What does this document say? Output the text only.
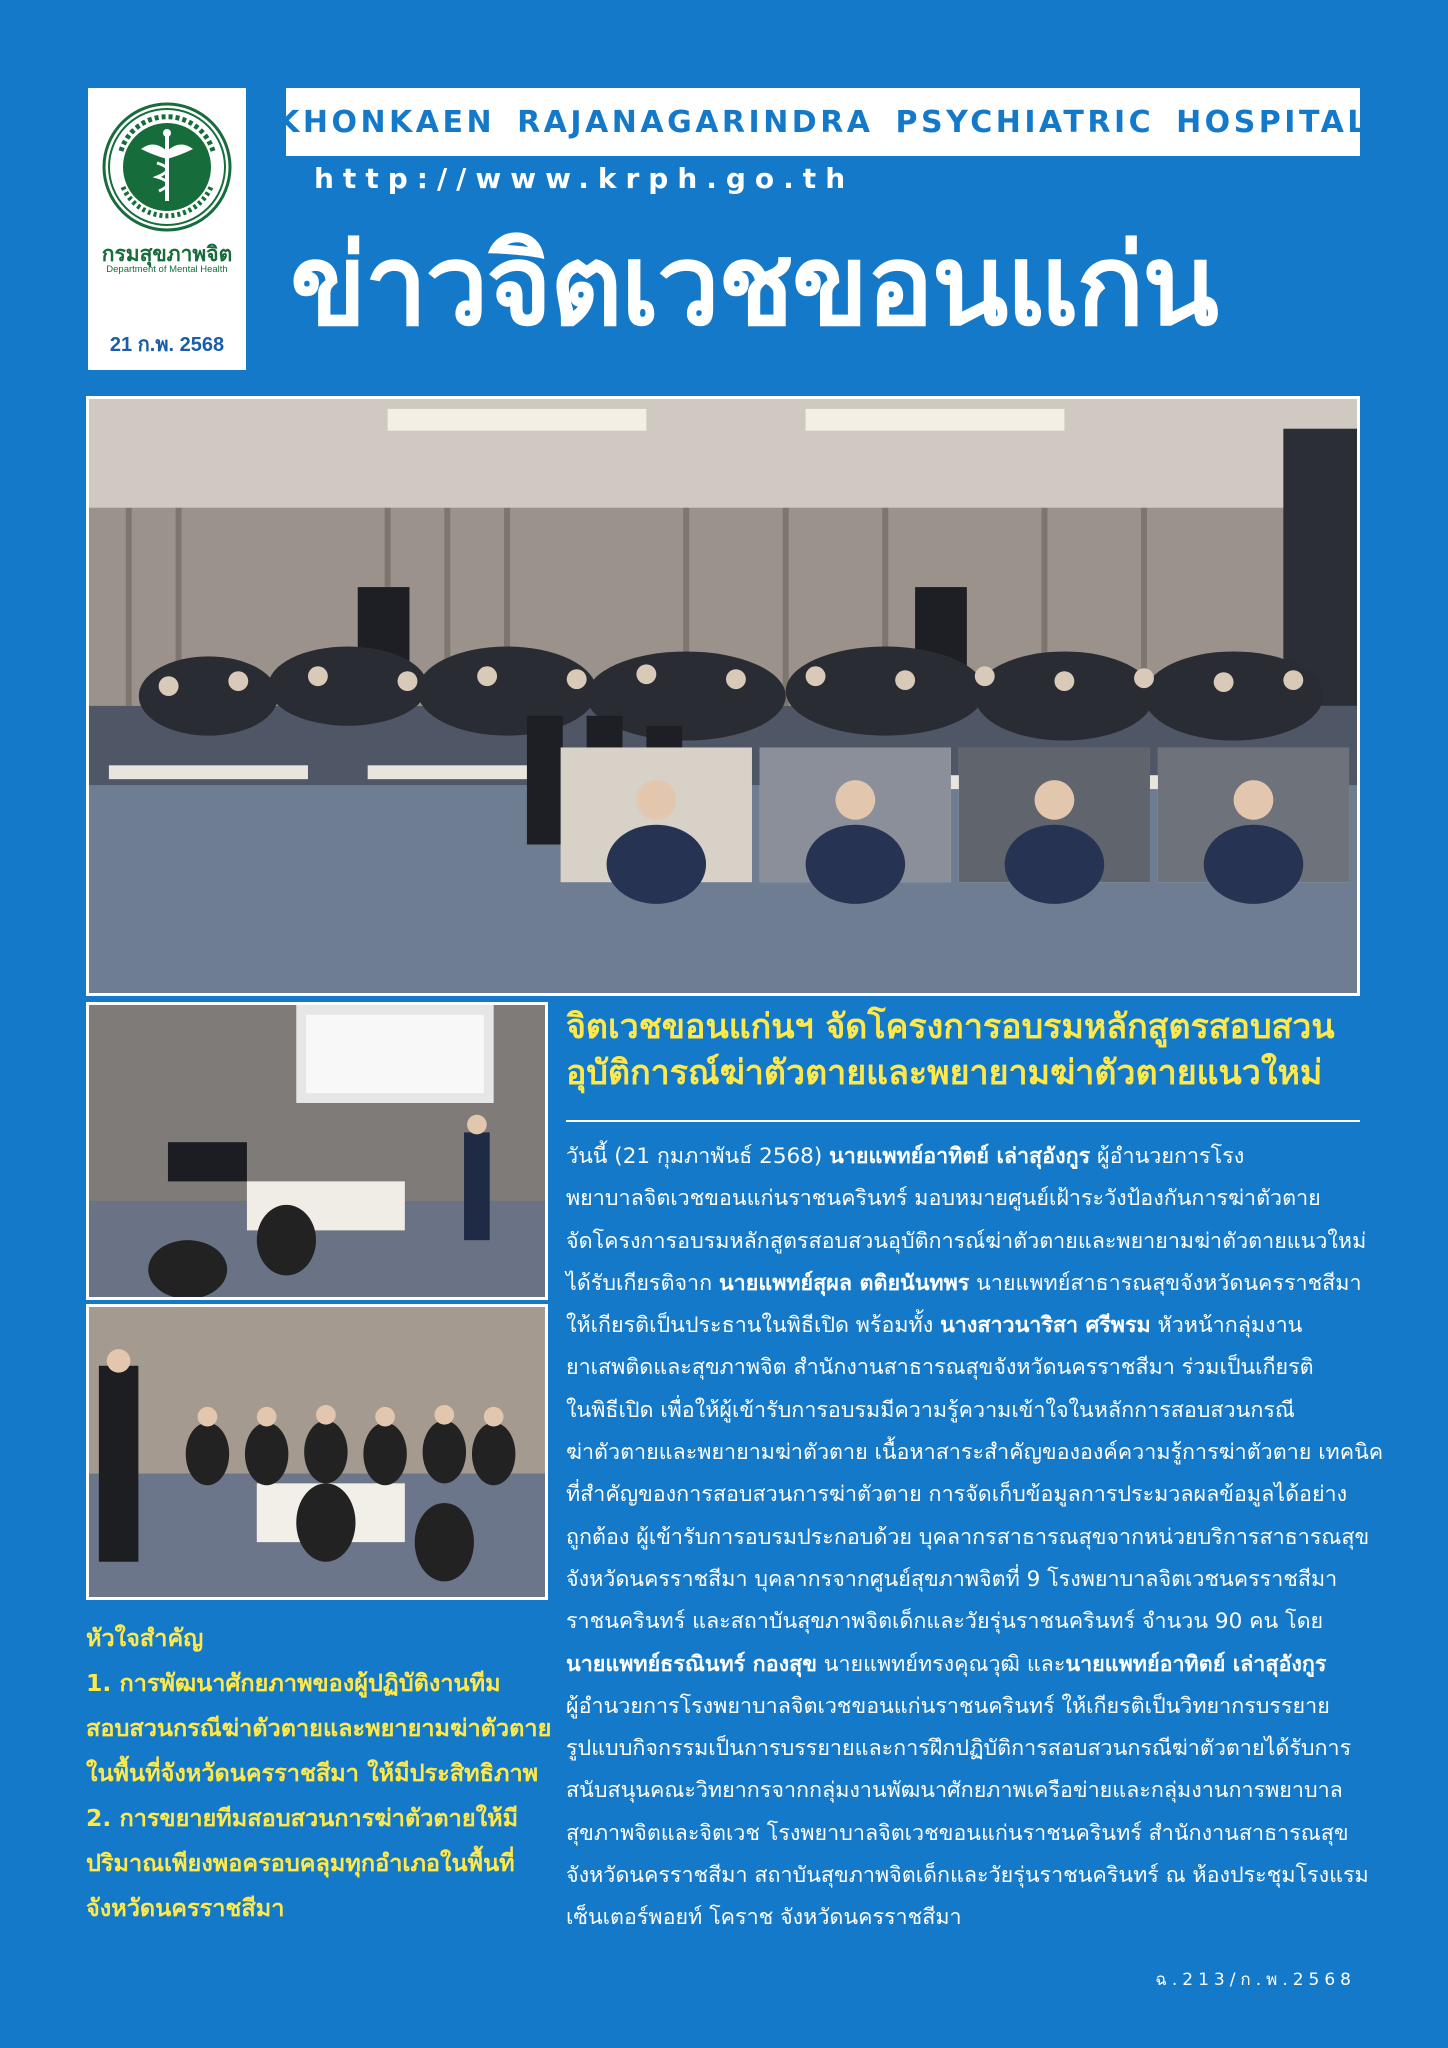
กรมสุขภาพจิต
Department of Mental Health
21 ก.พ. 2568
KHONKAEN RAJANAGARINDRA PSYCHIATRIC HOSPITAL
http://www.krph.go.th
ข่าวจิตเวชขอนแก่น
จิตเวชขอนแก่นฯ จัดโครงการอบรมหลักสูตรสอบสวน
อุบัติการณ์ฆ่าตัวตายและพยายามฆ่าตัวตายแนวใหม่
วันนี้ (21 กุมภาพันธ์ 2568) นายแพทย์อาทิตย์ เล่าสุอังกูร ผู้อำนวยการโรง
พยาบาลจิตเวชขอนแก่นราชนครินทร์ มอบหมายศูนย์เฝ้าระวังป้องกันการฆ่าตัวตาย
จัดโครงการอบรมหลักสูตรสอบสวนอุบัติการณ์ฆ่าตัวตายและพยายามฆ่าตัวตายแนวใหม่
ได้รับเกียรติจาก นายแพทย์สุผล ตติยนันทพร นายแพทย์สาธารณสุขจังหวัดนครราชสีมา
ให้เกียรติเป็นประธานในพิธีเปิด พร้อมทั้ง นางสาวนาริสา ศรีพรม หัวหน้ากลุ่มงาน
ยาเสพติดและสุขภาพจิต สำนักงานสาธารณสุขจังหวัดนครราชสีมา ร่วมเป็นเกียรติ
ในพิธีเปิด เพื่อให้ผู้เข้ารับการอบรมมีความรู้ความเข้าใจในหลักการสอบสวนกรณี
ฆ่าตัวตายและพยายามฆ่าตัวตาย เนื้อหาสาระสำคัญขององค์ความรู้การฆ่าตัวตาย เทคนิค
ที่สำคัญของการสอบสวนการฆ่าตัวตาย การจัดเก็บข้อมูลการประมวลผลข้อมูลได้อย่าง
ถูกต้อง ผู้เข้ารับการอบรมประกอบด้วย บุคลากรสาธารณสุขจากหน่วยบริการสาธารณสุข
จังหวัดนครราชสีมา บุคลากรจากศูนย์สุขภาพจิตที่ 9 โรงพยาบาลจิตเวชนครราชสีมา
ราชนครินทร์ และสถาบันสุขภาพจิตเด็กและวัยรุ่นราชนครินทร์ จำนวน 90 คน โดย
นายแพทย์ธรณินทร์ กองสุข นายแพทย์ทรงคุณวุฒิ และนายแพทย์อาทิตย์ เล่าสุอังกูร
ผู้อำนวยการโรงพยาบาลจิตเวชขอนแก่นราชนครินทร์ ให้เกียรติเป็นวิทยากรบรรยาย
รูปแบบกิจกรรมเป็นการบรรยายและการฝึกปฏิบัติการสอบสวนกรณีฆ่าตัวตายได้รับการ
สนับสนุนคณะวิทยากรจากกลุ่มงานพัฒนาศักยภาพเครือข่ายและกลุ่มงานการพยาบาล
สุขภาพจิตและจิตเวช โรงพยาบาลจิตเวชขอนแก่นราชนครินทร์ สำนักงานสาธารณสุข
จังหวัดนครราชสีมา สถาบันสุขภาพจิตเด็กและวัยรุ่นราชนครินทร์ ณ ห้องประชุมโรงแรม
เซ็นเตอร์พอยท์ โคราช จังหวัดนครราชสีมา
หัวใจสำคัญ
1. การพัฒนาศักยภาพของผู้ปฏิบัติงานทีม
สอบสวนกรณีฆ่าตัวตายและพยายามฆ่าตัวตาย
ในพื้นที่จังหวัดนครราชสีมา ให้มีประสิทธิภาพ
2. การขยายทีมสอบสวนการฆ่าตัวตายให้มี
ปริมาณเพียงพอครอบคลุมทุกอำเภอในพื้นที่
จังหวัดนครราชสีมา
ฉ.213/ก.พ.2568
